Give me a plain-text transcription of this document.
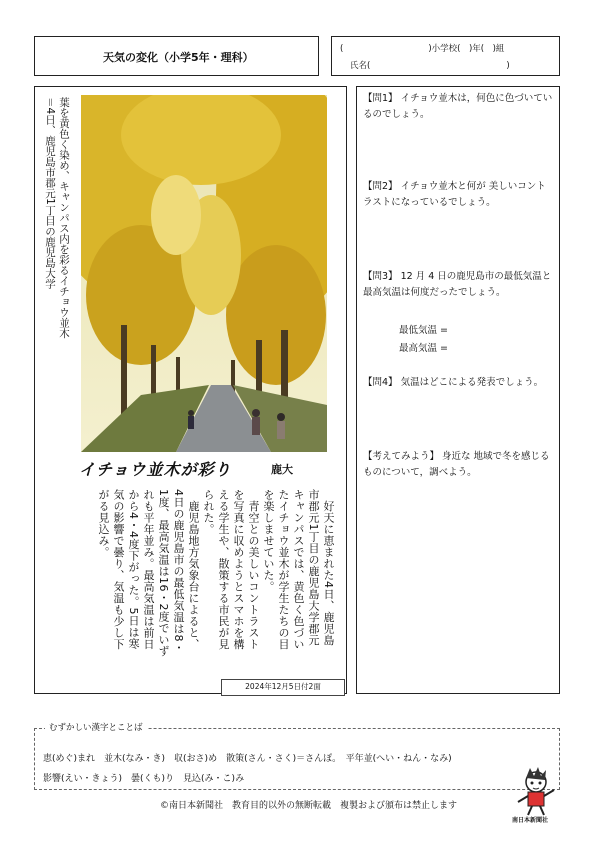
天気の変化（小学5年・理科）
(　　　　　　　　　　)小学校(　)年(　)組
氏名(　　　　　　　　　　　　　　　　)
葉を黄色く染め、キャンパス内を彩るイチョウ並木
＝4日、鹿児島市郡元1丁目の鹿児島大学
イチョウ並木が彩り	鹿大

　好天に恵まれた4日、鹿児島市郡元1丁目の鹿児島大学郡元キャンパスでは、黄色く色づいたイチョウ並木が学生たちの目を楽しませていた。

　青空との美しいコントラストを写真に収めようとスマホを構える学生や、散策する市民が見られた。

　鹿児島地方気象台によると、4日の鹿児島市の最低気温は8・1度、最高気温は16・2度でいずれも平年並み。最高気温は前日から4・4度下がった。5日は寒気の影響で曇り、気温も少し下がる見込み。

2024年12月5日付2面
【問1】 イチョウ並木は，何色に色づいているのでしょう。
【問2】 イチョウ並木と何が 美しいコントラストになっているでしょう。
【問3】 12 月 4 日の鹿児島市の最低気温と最高気温は何度だったでしょう。
最低気温 =
最高気温 =
【問4】 気温はどこによる発表でしょう。
【考えてみよう】 身近な 地域で冬を感じるものについて，調べよう。
むずかしい漢字とことば
恵(めぐ)まれ　並木(なみ・き)　収(おさ)め　散策(さん・さく)＝さんぽ。　平年並(へい・ねん・なみ)
影響(えい・きょう)　曇(くも)り　見込(み・こ)み
©南日本新聞社　教育目的以外の無断転載　複製および頒布は禁止します
南日本新聞社
